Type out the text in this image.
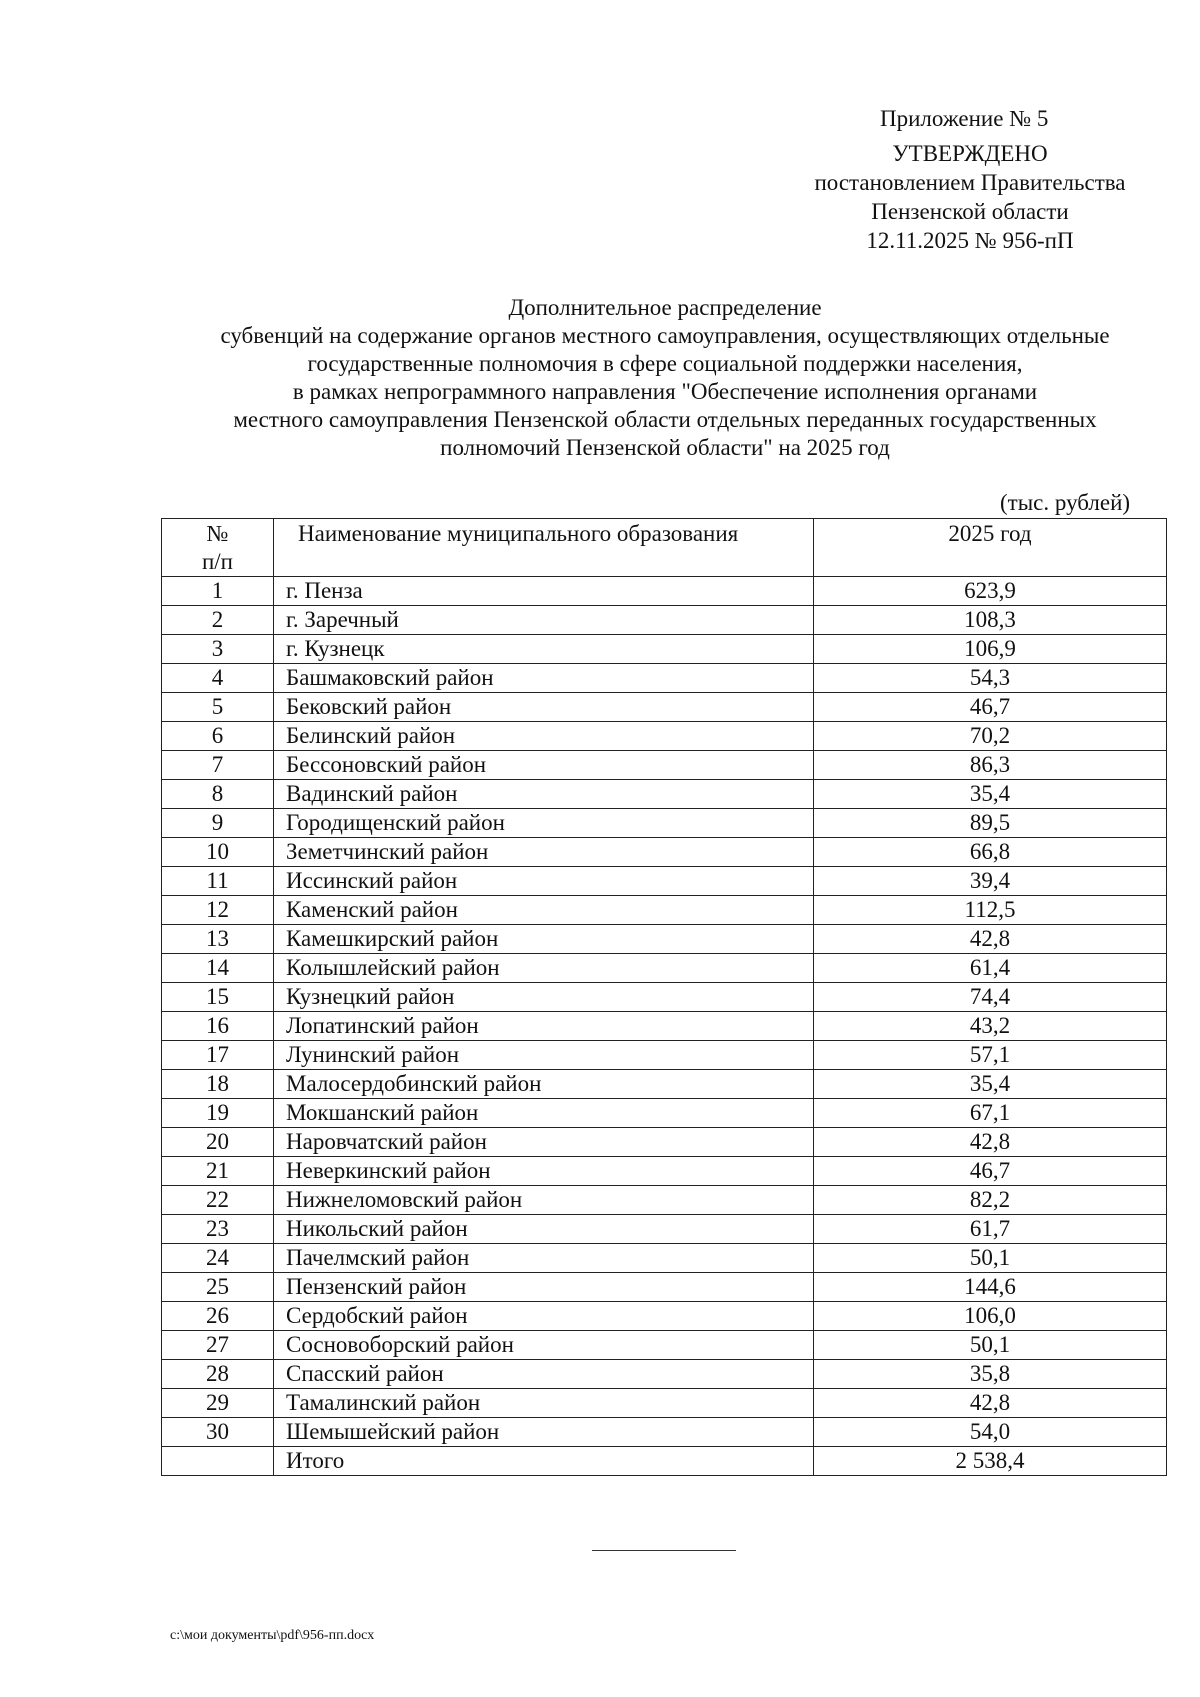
Приложение № 5
УТВЕРЖДЕНО
постановлением Правительства
Пензенской области
12.11.2025 № 956-пП
Дополнительное распределение
субвенций на содержание органов местного самоуправления, осуществляющих отдельные
государственные полномочия в сфере социальной поддержки населения,
в рамках непрограммного направления "Обеспечение исполнения органами
местного самоуправления Пензенской области отдельных переданных государственных
полномочий Пензенской области" на 2025 год
(тыс. рублей)
№
п/п	Наименование муниципального образования	2025 год
1	г. Пенза	623,9
2	г. Заречный	108,3
3	г. Кузнецк	106,9
4	Башмаковский район	54,3
5	Бековский район	46,7
6	Белинский район	70,2
7	Бессоновский район	86,3
8	Вадинский район	35,4
9	Городищенский район	89,5
10	Земетчинский район	66,8
11	Иссинский район	39,4
12	Каменский район	112,5
13	Камешкирский район	42,8
14	Колышлейский район	61,4
15	Кузнецкий район	74,4
16	Лопатинский район	43,2
17	Лунинский район	57,1
18	Малосердобинский район	35,4
19	Мокшанский район	67,1
20	Наровчатский район	42,8
21	Неверкинский район	46,7
22	Нижнеломовский район	82,2
23	Никольский район	61,7
24	Пачелмский район	50,1
25	Пензенский район	144,6
26	Сердобский район	106,0
27	Сосновоборский район	50,1
28	Спасский район	35,8
29	Тамалинский район	42,8
30	Шемышейский район	54,0
	Итого	2 538,4
c:\мои документы\pdf\956-пп.docx
